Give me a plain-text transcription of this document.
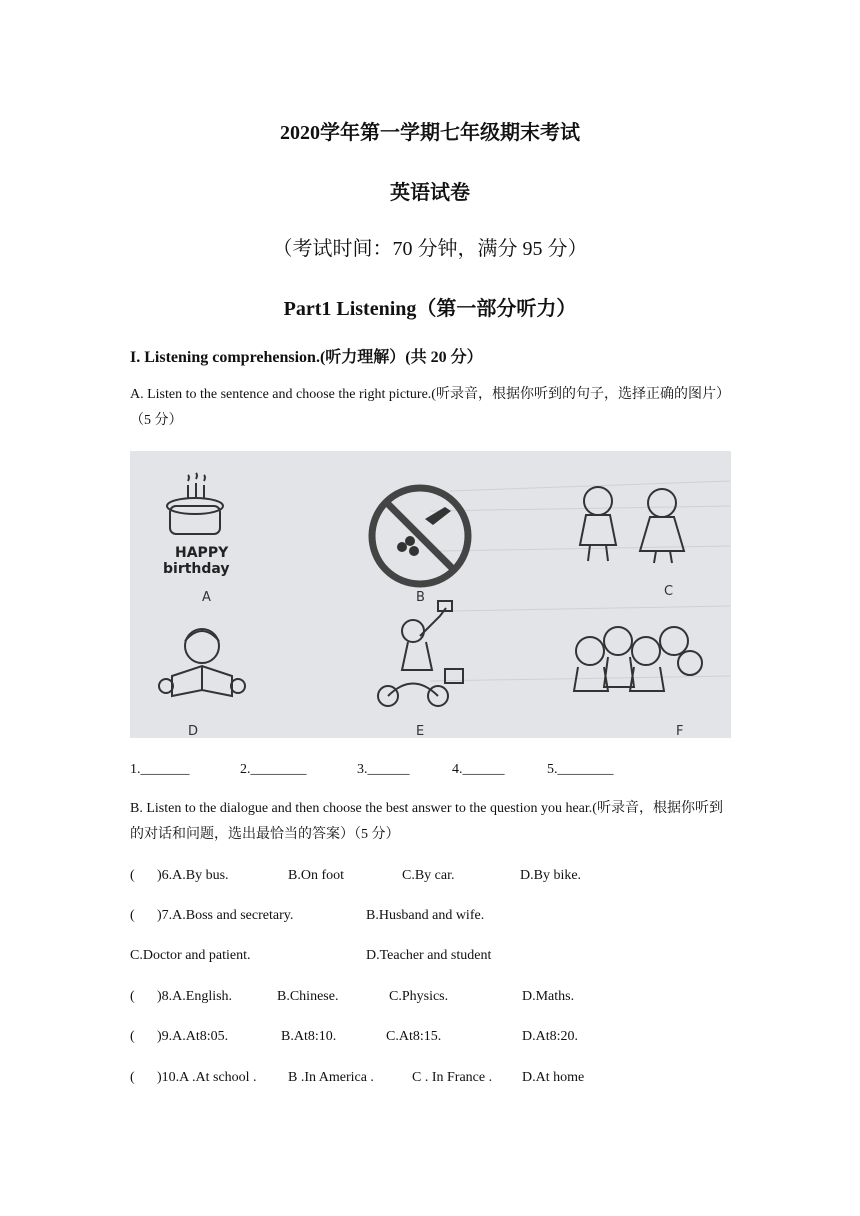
2020学年第一学期七年级期末考试
英语试卷
（考试时间：70 分钟，满分 95 分）
Part1 Listening（第一部分听力）
I. Listening comprehension.(听力理解）(共 20 分）
A. Listen to the sentence and choose the right picture.(听录音，根据你听到的句子，选择正确的图片）（5 分）
HAPPY
birthday
A	B	C
D	E	F
1._______	2.________	3.______	4.______	5.________
B. Listen to the dialogue and then choose the best answer to the question you hear.(听录音，根据你听到的对话和问题，选出最恰当的答案）（5 分）
( )6.A.By bus.	B.On foot	C.By car.	D.By bike.
( )7.A.Boss and secretary.	B.Husband and wife.
C.Doctor and patient.	D.Teacher and student
( )8.A.English.	B.Chinese.	C.Physics.	D.Maths.
( )9.A.At8:05.	B.At8:10.	C.At8:15.	D.At8:20.
( )10.A .At school . B .In America .	C . In France . D.At home
